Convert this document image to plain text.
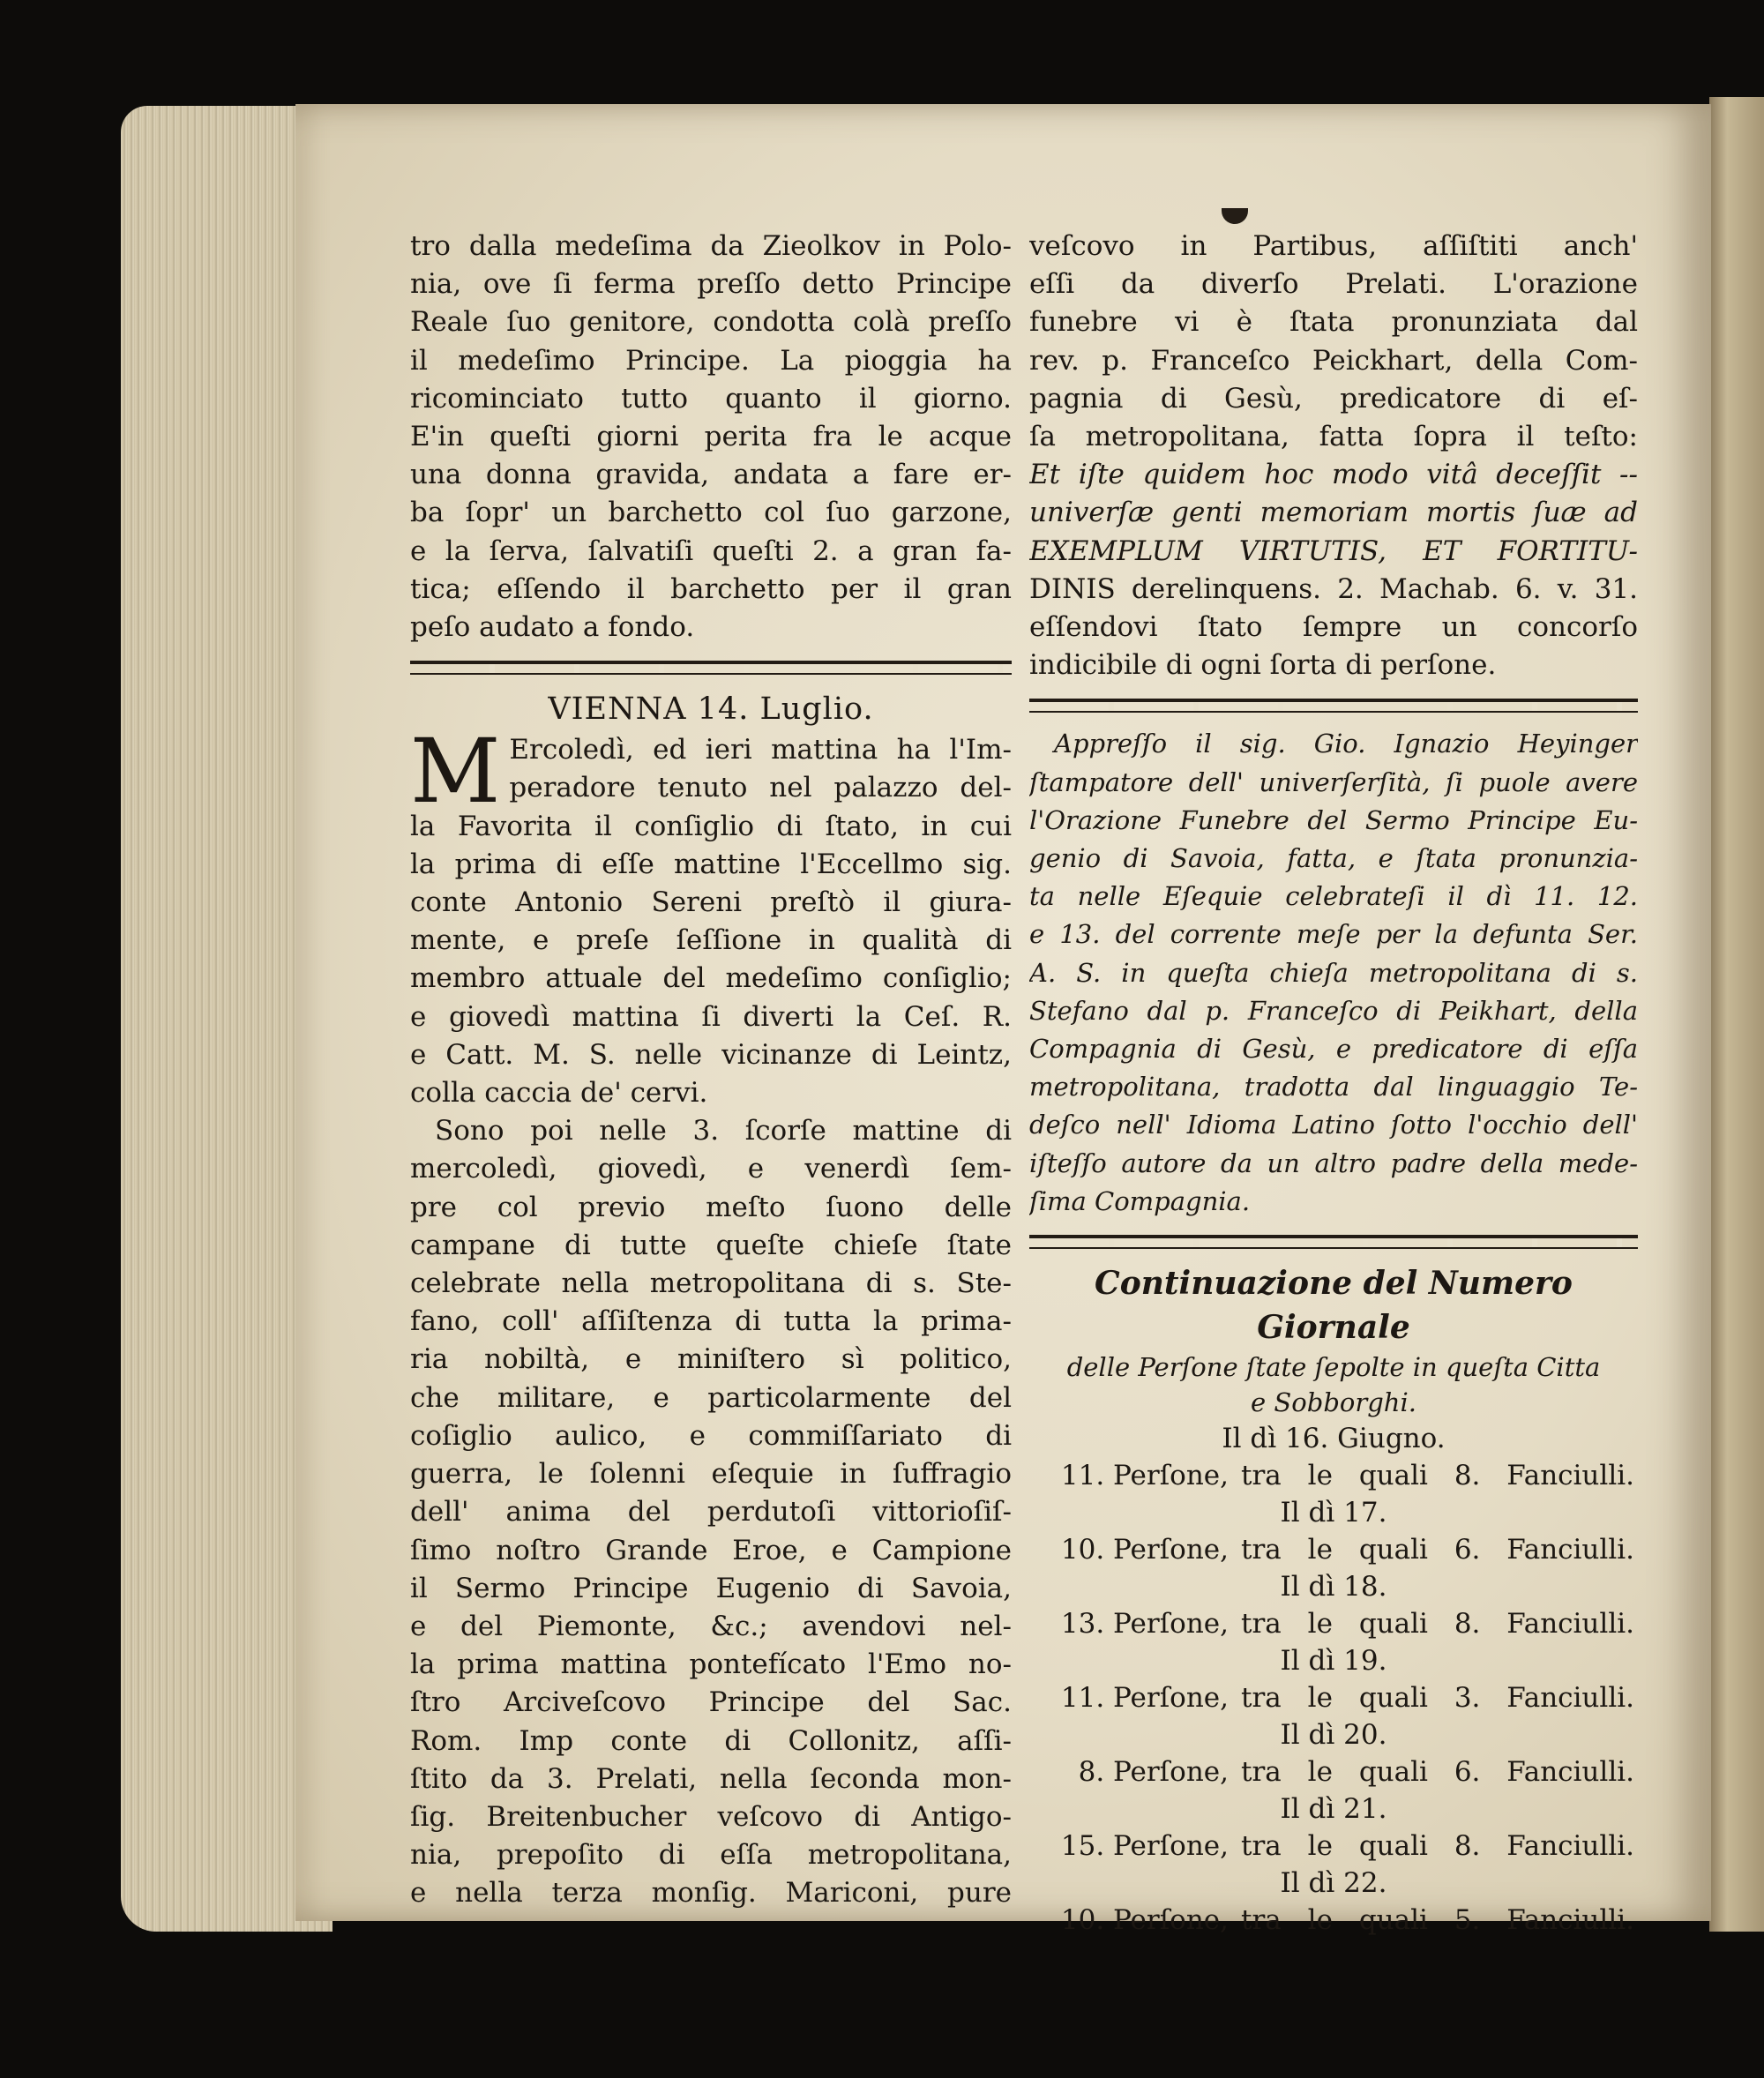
tro dalla medeſima da Zieolkov in Polo-
nia, ove ſi ferma preſſo detto Principe
Reale ſuo genitore, condotta colà preſſo
il medeſimo Principe. La pioggia ha
ricominciato tutto quanto il giorno.
E'in queſti giorni perita fra le acque
una donna gravida, andata a fare er-
ba ſopr' un barchetto col ſuo garzone,
e la ſerva, ſalvatiſi queſti 2. a gran fa-
tica; eſſendo il barchetto per il gran
peſo audato a fondo.
VIENNA 14. Luglio.
M Ercoledì, ed ieri mattina ha l'Im-
peradore tenuto nel palazzo del-
la Favorita il conſiglio di ſtato, in cui
la prima di eſſe mattine l'Eccellmo sig.
conte Antonio Sereni preſtò il giura-
mente, e preſe ſeſſione in qualità di
membro attuale del medeſimo conſiglio;
e giovedì mattina ſi diverti la Ceſ. R.
e Catt. M. S. nelle vicinanze di Leintz,
colla caccia de' cervi.
Sono poi nelle 3. ſcorſe mattine di
mercoledì, giovedì, e venerdì ſem-
pre col previo meſto ſuono delle
campane di tutte queſte chieſe ſtate
celebrate nella metropolitana di s. Ste-
fano, coll' aſſiſtenza di tutta la prima-
ria nobiltà, e miniſtero sì politico,
che militare, e particolarmente del
coſiglio aulico, e commiſſariato di
guerra, le ſolenni eſequie in ſuffragio
dell' anima del perdutoſi vittorioſiſ-
ſimo noſtro Grande Eroe, e Campione
il Sermo Principe Eugenio di Savoia,
e del Piemonte, &c.; avendovi nel-
la prima mattina pontefícato l'Emo no-
ſtro Arciveſcovo Principe del Sac.
Rom. Imp conte di Collonitz, aſſi-
ſtito da 3. Prelati, nella ſeconda mon-
ſig. Breitenbucher veſcovo di Antigo-
nia, prepoſito di eſſa metropolitana,
e nella terza monſig. Mariconi, pure
veſcovo in Partibus, aſſiſtiti anch'
eſſi da diverſo Prelati. L'orazione
funebre vi è ſtata pronunziata dal
rev. p. Franceſco Peickhart, della Com-
pagnia di Gesù, predicatore di eſ-
ſa metropolitana, fatta ſopra il teſto:
Et iſte quidem hoc modo vitâ deceſſit --
univerſæ genti memoriam mortis ſuæ ad
EXEMPLUM VIRTUTIS, ET FORTITU-
DINIS derelinquens. 2. Machab. 6. v. 31.
eſſendovi ſtato ſempre un concorſo
indicibile di ogni ſorta di perſone.
Appreſſo il sig. Gio. Ignazio Heyinger
ſtampatore dell' univerſerſità, ſi puole avere
l'Orazione Funebre del Sermo Principe Eu-
genio di Savoia, fatta, e ſtata pronunzia-
ta nelle Eſequie celebrateſi il dì 11. 12.
e 13. del corrente meſe per la defunta Ser.
A. S. in queſta chieſa metropolitana di s.
Stefano dal p. Franceſco di Peikhart, della
Compagnia di Gesù, e predicatore di eſſa
metropolitana, tradotta dal linguaggio Te-
deſco nell' Idioma Latino ſotto l'occhio dell'
iſteſſo autore da un altro padre della mede-
ſima Compagnia.
Continuazione del Numero Giornale
delle Perſone ſtate ſepolte in queſta Citta
e Sobborghi.
Il dì 16. Giugno.
11. Perſone, tra le quali 8. Fanciulli.
Il dì 17.
10. Perſone, tra le quali 6. Fanciulli.
Il dì 18.
13. Perſone, tra le quali 8. Fanciulli.
Il dì 19.
11. Perſone, tra le quali 3. Fanciulli.
Il dì 20.
8. Perſone, tra le quali 6. Fanciulli.
Il dì 21.
15. Perſone, tra le quali 8. Fanciulli.
Il dì 22.
10. Perſone, tra le quali 5. Fanciulli.
